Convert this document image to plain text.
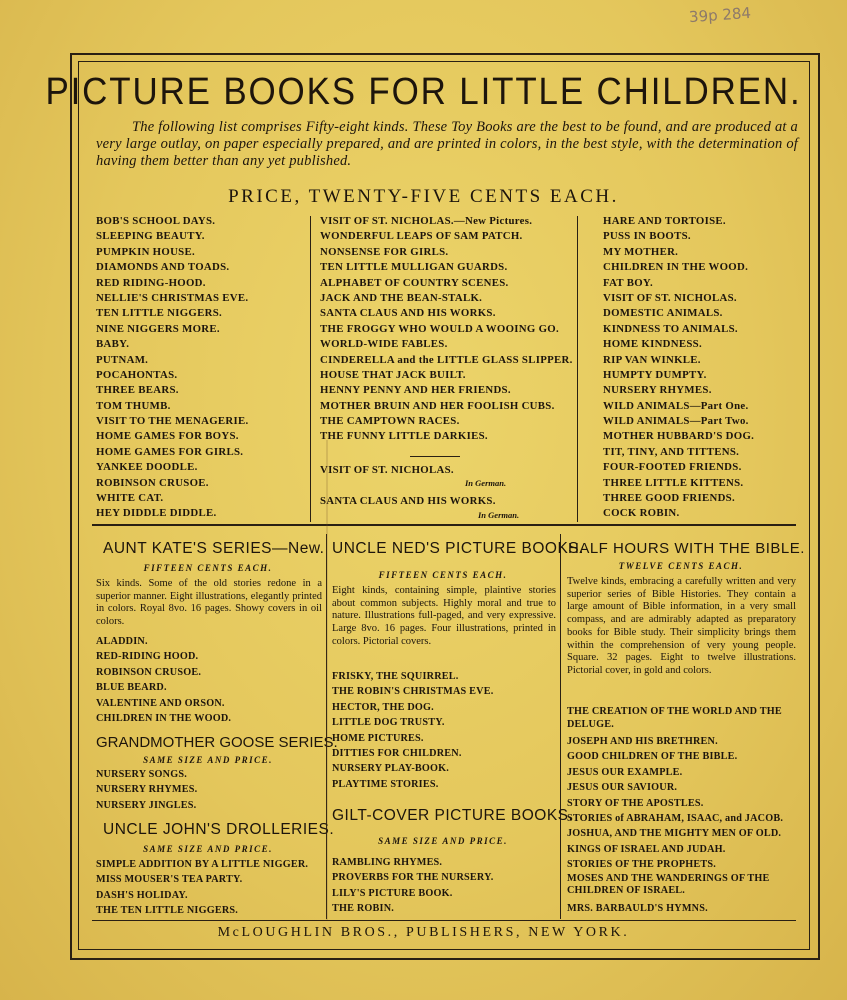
39p 284
PICTURE BOOKS FOR LITTLE CHILDREN.
The following list comprises Fifty-eight kinds. These Toy Books are the best to be found, and are produced at a very large outlay, on paper especially prepared, and are printed in colors, in the best style, with the determination of having them better than any yet published.
PRICE, TWENTY-FIVE CENTS EACH.
BOB'S SCHOOL DAYS.
SLEEPING BEAUTY.
PUMPKIN HOUSE.
DIAMONDS AND TOADS.
RED RIDING-HOOD.
NELLIE'S CHRISTMAS EVE.
TEN LITTLE NIGGERS.
NINE NIGGERS MORE.
BABY.
PUTNAM.
POCAHONTAS.
THREE BEARS.
TOM THUMB.
VISIT TO THE MENAGERIE.
HOME GAMES FOR BOYS.
HOME GAMES FOR GIRLS.
YANKEE DOODLE.
ROBINSON CRUSOE.
WHITE CAT.
HEY DIDDLE DIDDLE.
VISIT OF ST. NICHOLAS.—New Pictures.
WONDERFUL LEAPS OF SAM PATCH.
NONSENSE FOR GIRLS.
TEN LITTLE MULLIGAN GUARDS.
ALPHABET OF COUNTRY SCENES.
JACK AND THE BEAN-STALK.
SANTA CLAUS AND HIS WORKS.
THE FROGGY WHO WOULD A WOOING GO.
WORLD-WIDE FABLES.
CINDERELLA and the LITTLE GLASS SLIPPER.
HOUSE THAT JACK BUILT.
HENNY PENNY AND HER FRIENDS.
MOTHER BRUIN AND HER FOOLISH CUBS.
THE CAMPTOWN RACES.
THE FUNNY LITTLE DARKIES.
VISIT OF ST. NICHOLAS.
In German.
SANTA CLAUS AND HIS WORKS.
In German.
HARE AND TORTOISE.
PUSS IN BOOTS.
MY MOTHER.
CHILDREN IN THE WOOD.
FAT BOY.
VISIT OF ST. NICHOLAS.
DOMESTIC ANIMALS.
KINDNESS TO ANIMALS.
HOME KINDNESS.
RIP VAN WINKLE.
HUMPTY DUMPTY.
NURSERY RHYMES.
WILD ANIMALS—Part One.
WILD ANIMALS—Part Two.
MOTHER HUBBARD'S DOG.
TIT, TINY, AND TITTENS.
FOUR-FOOTED FRIENDS.
THREE LITTLE KITTENS.
THREE GOOD FRIENDS.
COCK ROBIN.
AUNT KATE'S SERIES—New.
FIFTEEN CENTS EACH.
Six kinds. Some of the old stories redone in a superior manner. Eight illustrations, elegantly printed in colors. Royal 8vo. 16 pages. Showy covers in oil colors.
ALADDIN.
RED-RIDING HOOD.
ROBINSON CRUSOE.
BLUE BEARD.
VALENTINE AND ORSON.
CHILDREN IN THE WOOD.
GRANDMOTHER GOOSE SERIES.
SAME SIZE AND PRICE.
NURSERY SONGS.
NURSERY RHYMES.
NURSERY JINGLES.
UNCLE JOHN'S DROLLERIES.
SAME SIZE AND PRICE.
SIMPLE ADDITION BY A LITTLE NIGGER.
MISS MOUSER'S TEA PARTY.
DASH'S HOLIDAY.
THE TEN LITTLE NIGGERS.
UNCLE NED'S PICTURE BOOKS.
FIFTEEN CENTS EACH.
Eight kinds, containing simple, plaintive stories about common subjects. Highly moral and true to nature. Illustrations full-paged, and very expressive. Large 8vo. 16 pages. Four illustrations, printed in colors. Pictorial covers.
FRISKY, THE SQUIRREL.
THE ROBIN'S CHRISTMAS EVE.
HECTOR, THE DOG.
LITTLE DOG TRUSTY.
HOME PICTURES.
DITTIES FOR CHILDREN.
NURSERY PLAY-BOOK.
PLAYTIME STORIES.
GILT-COVER PICTURE BOOKS.
SAME SIZE AND PRICE.
RAMBLING RHYMES.
PROVERBS FOR THE NURSERY.
LILY'S PICTURE BOOK.
THE ROBIN.
HALF HOURS WITH THE BIBLE.
TWELVE CENTS EACH.
Twelve kinds, embracing a carefully written and very superior series of Bible Histories. They contain a large amount of Bible information, in a very small compass, and are admirably adapted as preparatory books for Bible study. Their simplicity brings them within the comprehension of very young people. Square. 32 pages. Eight to twelve illustrations. Pictorial cover, in gold and colors.
THE CREATION OF THE WORLD AND THE DELUGE.
JOSEPH AND HIS BRETHREN.
GOOD CHILDREN OF THE BIBLE.
JESUS OUR EXAMPLE.
JESUS OUR SAVIOUR.
STORY OF THE APOSTLES.
STORIES of ABRAHAM, ISAAC, and JACOB.
JOSHUA, AND THE MIGHTY MEN OF OLD.
KINGS OF ISRAEL AND JUDAH.
STORIES OF THE PROPHETS.
MOSES AND THE WANDERINGS OF THE CHILDREN OF ISRAEL.
MRS. BARBAULD'S HYMNS.
McLOUGHLIN BROS., PUBLISHERS, NEW YORK.
